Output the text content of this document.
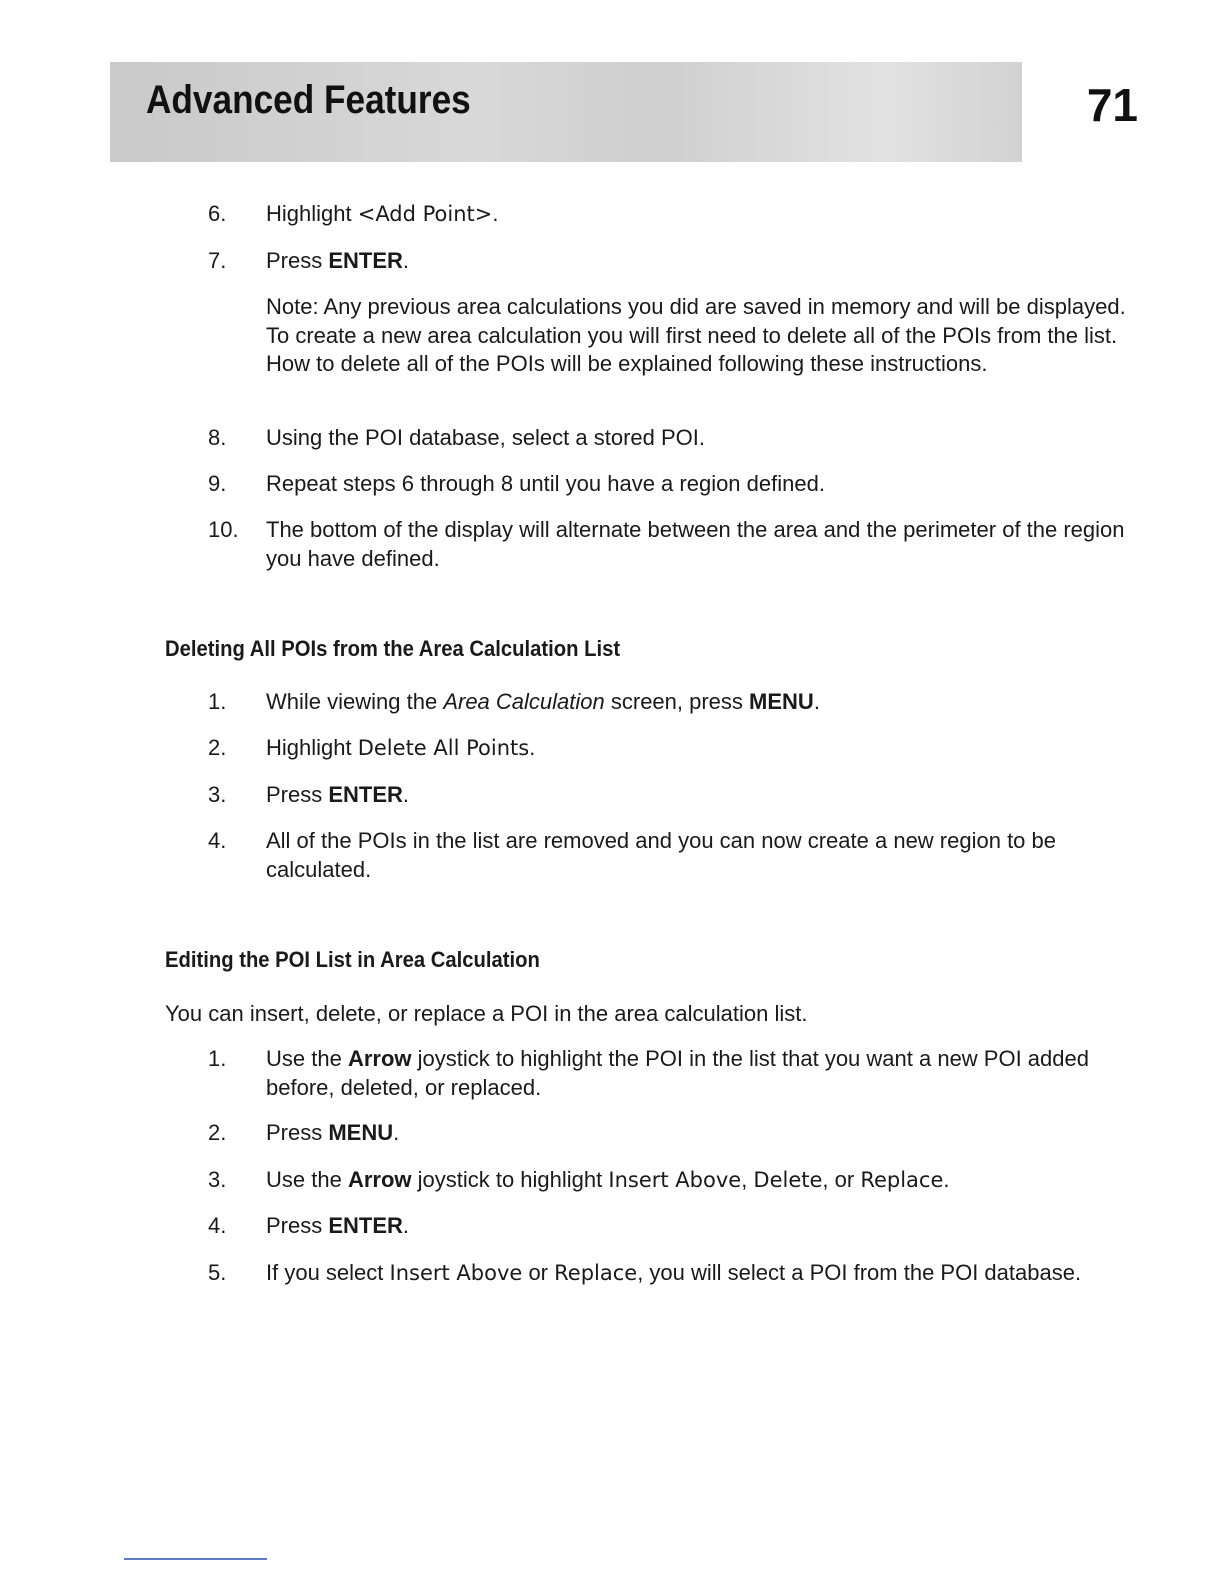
Advanced Features	71
6.	Highlight <Add Point>.
7.	Press ENTER.
Note: Any previous area calculations you did are saved in memory and will be displayed. To create a new area calculation you will first need to delete all of the POIs from the list. How to delete all of the POIs will be explained following these instructions.
8.	Using the POI database, select a stored POI.
9.	Repeat steps 6 through 8 until you have a region defined.
10.	The bottom of the display will alternate between the area and the perimeter of the region you have defined.
Deleting All POIs from the Area Calculation List
1.	While viewing the Area Calculation screen, press MENU.
2.	Highlight Delete All Points.
3.	Press ENTER.
4.	All of the POIs in the list are removed and you can now create a new region to be calculated.
Editing the POI List in Area Calculation
You can insert, delete, or replace a POI in the area calculation list.
1.	Use the Arrow joystick to highlight the POI in the list that you want a new POI added before, deleted, or replaced.
2.	Press MENU.
3.	Use the Arrow joystick to highlight Insert Above, Delete, or Replace.
4.	Press ENTER.
5.	If you select Insert Above or Replace, you will select a POI from the POI database.
